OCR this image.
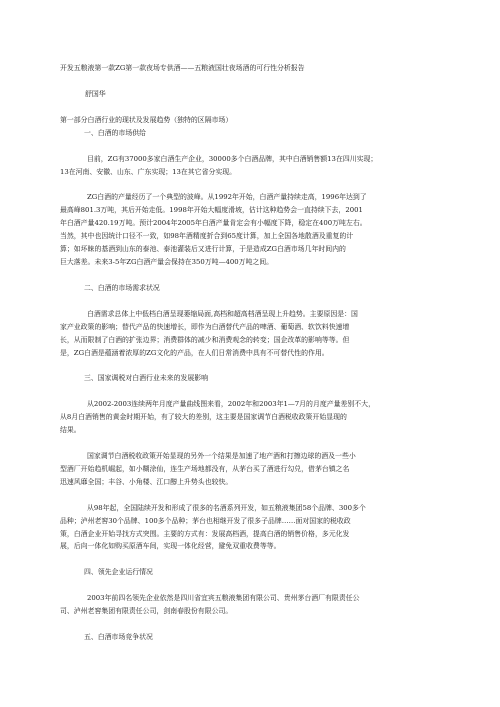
开发五粮液第一款ZG第一款夜场专供酒——五粮液国壮夜场酒的可行性分析报告
舒国华
第一部分白酒行业的现状及发展趋势（独特的区隔市场）
一、白酒的市场供给
目前，ZG有37000多家白酒生产企业，30000多个白酒品牌，其中白酒销售额13在四川实现；
13在河南、安徽、山东、广东实现；13在其它省分实现。
ZG白酒的产量经历了一个典型的波峰。从1992年开始，白酒产量持续走高，1996年达到了
最高峰801.3万吨，其后开始走低。1998年开始大幅度滑坡，估计这种趋势会一直持续下去，2001
年白酒产量420.19万吨。预计2004年2005年白酒产量肯定会有小幅度下降，稳定在400万吨左右。
当然，其中也因统计口径不一致，如98年酒精度折合到65度计算，加上全国各地散酒及重复的计
算；如坏睐的基酒到山东的泰池、泰池灌装后又进行计算，于是造成ZG白酒市场几年时间内的
巨大落差。未来3-5年ZG白酒产量会保持在350万吨—400万吨之间。
二、白酒的市场需求状况
白酒需求总体上中低档白酒呈现萎缩局面,高档和超高档酒呈现上升趋势。主要原因是：国
家产业政策的影响；替代产品的快速增长，即作为白酒替代产品的啤酒、葡萄酒、软饮料快速增
长，从而限制了白酒的扩张边界；消费群体的减少和消费观念的转变；国企改革的影响等等。但
是，ZG白酒是蕴涵着浓厚的ZG文化的产品，在人们日常消费中具有不可替代性的作用。
三、国家调税对白酒行业未来的发展影响
从2002-2003连续两年月度产量曲线图来看，2002年和2003年1—7月的月度产量差别不大，
从8月白酒销售的黄金时期开始，有了较大的差别，这主要是国家调节白酒税收政策开始显现的
结果。
国家调节白酒税收政策开始显现的另外一个结果是加速了地产酒和打擦边球的酒及一些小
型酒厂开始趋机崛起，如小糊涂仙，连生产场地都没有，从茅台买了酒进行勾兑，借茅台镇之名
迅速风靡全国；丰谷、小角楼、江口醇上升势头也较快。
从98年起，全国陆续开发和形成了很多的名酒系列开发，如五粮液集团58个品牌、300多个
品种；泸州老窖30个品牌、100多个品种；茅台也相继开发了很多子品牌……面对国家的税收政
策，白酒企业开始寻找方式突围。主要的方式有：发展高档酒，提高白酒的销售价格，多元化发
展，后向一体化如购买原酒车间，实现一体化经营，避免双重收费等等。
四、领先企业运行情况
2003年前四名领先企业依然是四川省宜宾五粮液集团有限公司、贵州茅台酒厂有限责任公
司、泸州老窖集团有限责任公司，剑南春股份有限公司。
五、白酒市场竞争状况
